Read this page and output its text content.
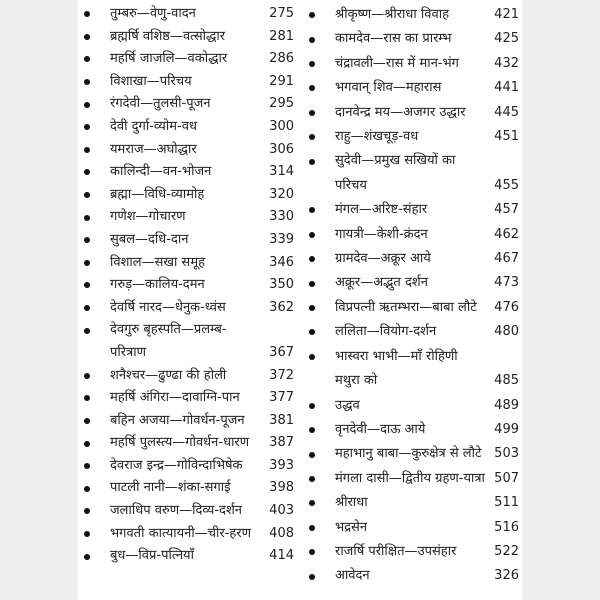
तुम्बरु—वेणु-वादन	275
ब्रह्मर्षि वशिष्ठ—वत्सोद्धार	281
महर्षि जाजलि—वकोद्धार	286
विशाखा—परिचय	291
रंगदेवी—तुलसी-पूजन	295
देवी दुर्गा-व्योम-वध	300
यमराज—अघोद्धार	306
कालिन्दी—वन-भोजन	314
ब्रह्मा—विधि-व्यामोह	320
गणेश—गोचारण	330
सुबल—दधि-दान	339
विशाल—सखा समूह	346
गरुड़—कालिय-दमन	350
देवर्षि नारद—धेनुक-ध्वंस	362
देवगुरु बृहस्पति—प्रलम्ब-परित्राण	367
शनैश्चर—ढुण्ढा की होली	372
महर्षि अंगिरा—दावाग्नि-पान	377
बहिन अजया—गोवर्धन-पूजन	381
महर्षि पुलस्त्य—गोवर्धन-धारण	387
देवराज इन्द्र—गोविन्दाभिषेक	393
पाटली नानी—शंका-सगाई	398
जलाधिप वरुण—दिव्य-दर्शन	403
भगवती कात्यायनी—चीर-हरण	408
बुध—विप्र-पत्नियाँ	414
श्रीकृष्ण—श्रीराधा विवाह	421
कामदेव—रास का प्रारम्भ	425
चंद्रावली—रास में मान-भंग	432
भगवान् शिव—महारास	441
दानवेन्द्र मय—अजगर उद्धार	445
राहु—शंखचूड़-वध	451
सुदेवी—प्रमुख सखियों का परिचय	455
मंगल—अरिष्ट-संहार	457
गायत्री—केशी-क्रंदन	462
ग्रामदेव—अक्रूर आये	467
अक्रूर—अद्भुत दर्शन	473
विप्रपत्नी ऋतम्भरा—बाबा लौटे	476
ललिता—वियोग-दर्शन	480
भास्वरा भाभी—माँ रोहिणी मथुरा को	485
उद्धव	489
वृनदेवी—दाऊ आये	499
महाभानु बाबा—कुरुक्षेत्र से लौटे 503
मंगला दासी—द्वितीय ग्रहण-यात्रा 507
श्रीराधा	511
भद्रसेन	516
राजर्षि परीक्षित—उपसंहार	522
आवेदन	326
